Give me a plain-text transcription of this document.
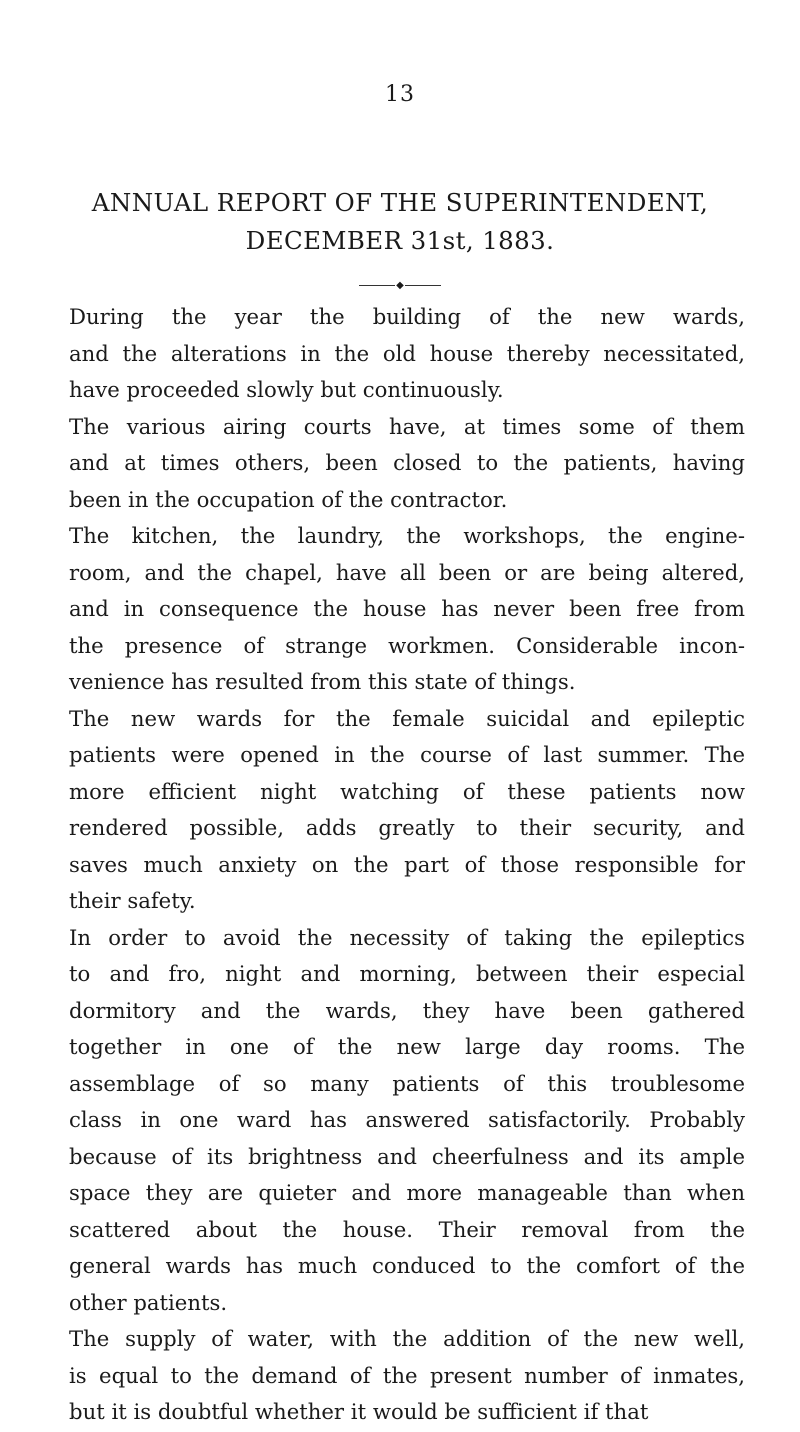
13
ANNUAL REPORT OF THE SUPERINTENDENT,
DECEMBER 31st, 1883.
◆
During the year the building of the new wards,
and the alterations in the old house thereby necessitated,
have proceeded slowly but continuously.
The various airing courts have, at times some of them
and at times others, been closed to the patients, having
been in the occupation of the contractor.
The kitchen, the laundry, the workshops, the engine-
room, and the chapel, have all been or are being altered,
and in consequence the house has never been free from
the presence of strange workmen. Considerable incon-
venience has resulted from this state of things.
The new wards for the female suicidal and epileptic
patients were opened in the course of last summer. The
more efficient night watching of these patients now
rendered possible, adds greatly to their security, and
saves much anxiety on the part of those responsible for
their safety.
In order to avoid the necessity of taking the epileptics
to and fro, night and morning, between their especial
dormitory and the wards, they have been gathered
together in one of the new large day rooms. The
assemblage of so many patients of this troublesome
class in one ward has answered satisfactorily. Probably
because of its brightness and cheerfulness and its ample
space they are quieter and more manageable than when
scattered about the house. Their removal from the
general wards has much conduced to the comfort of the
other patients.
The supply of water, with the addition of the new well,
is equal to the demand of the present number of inmates,
but it is doubtful whether it would be sufficient if that
